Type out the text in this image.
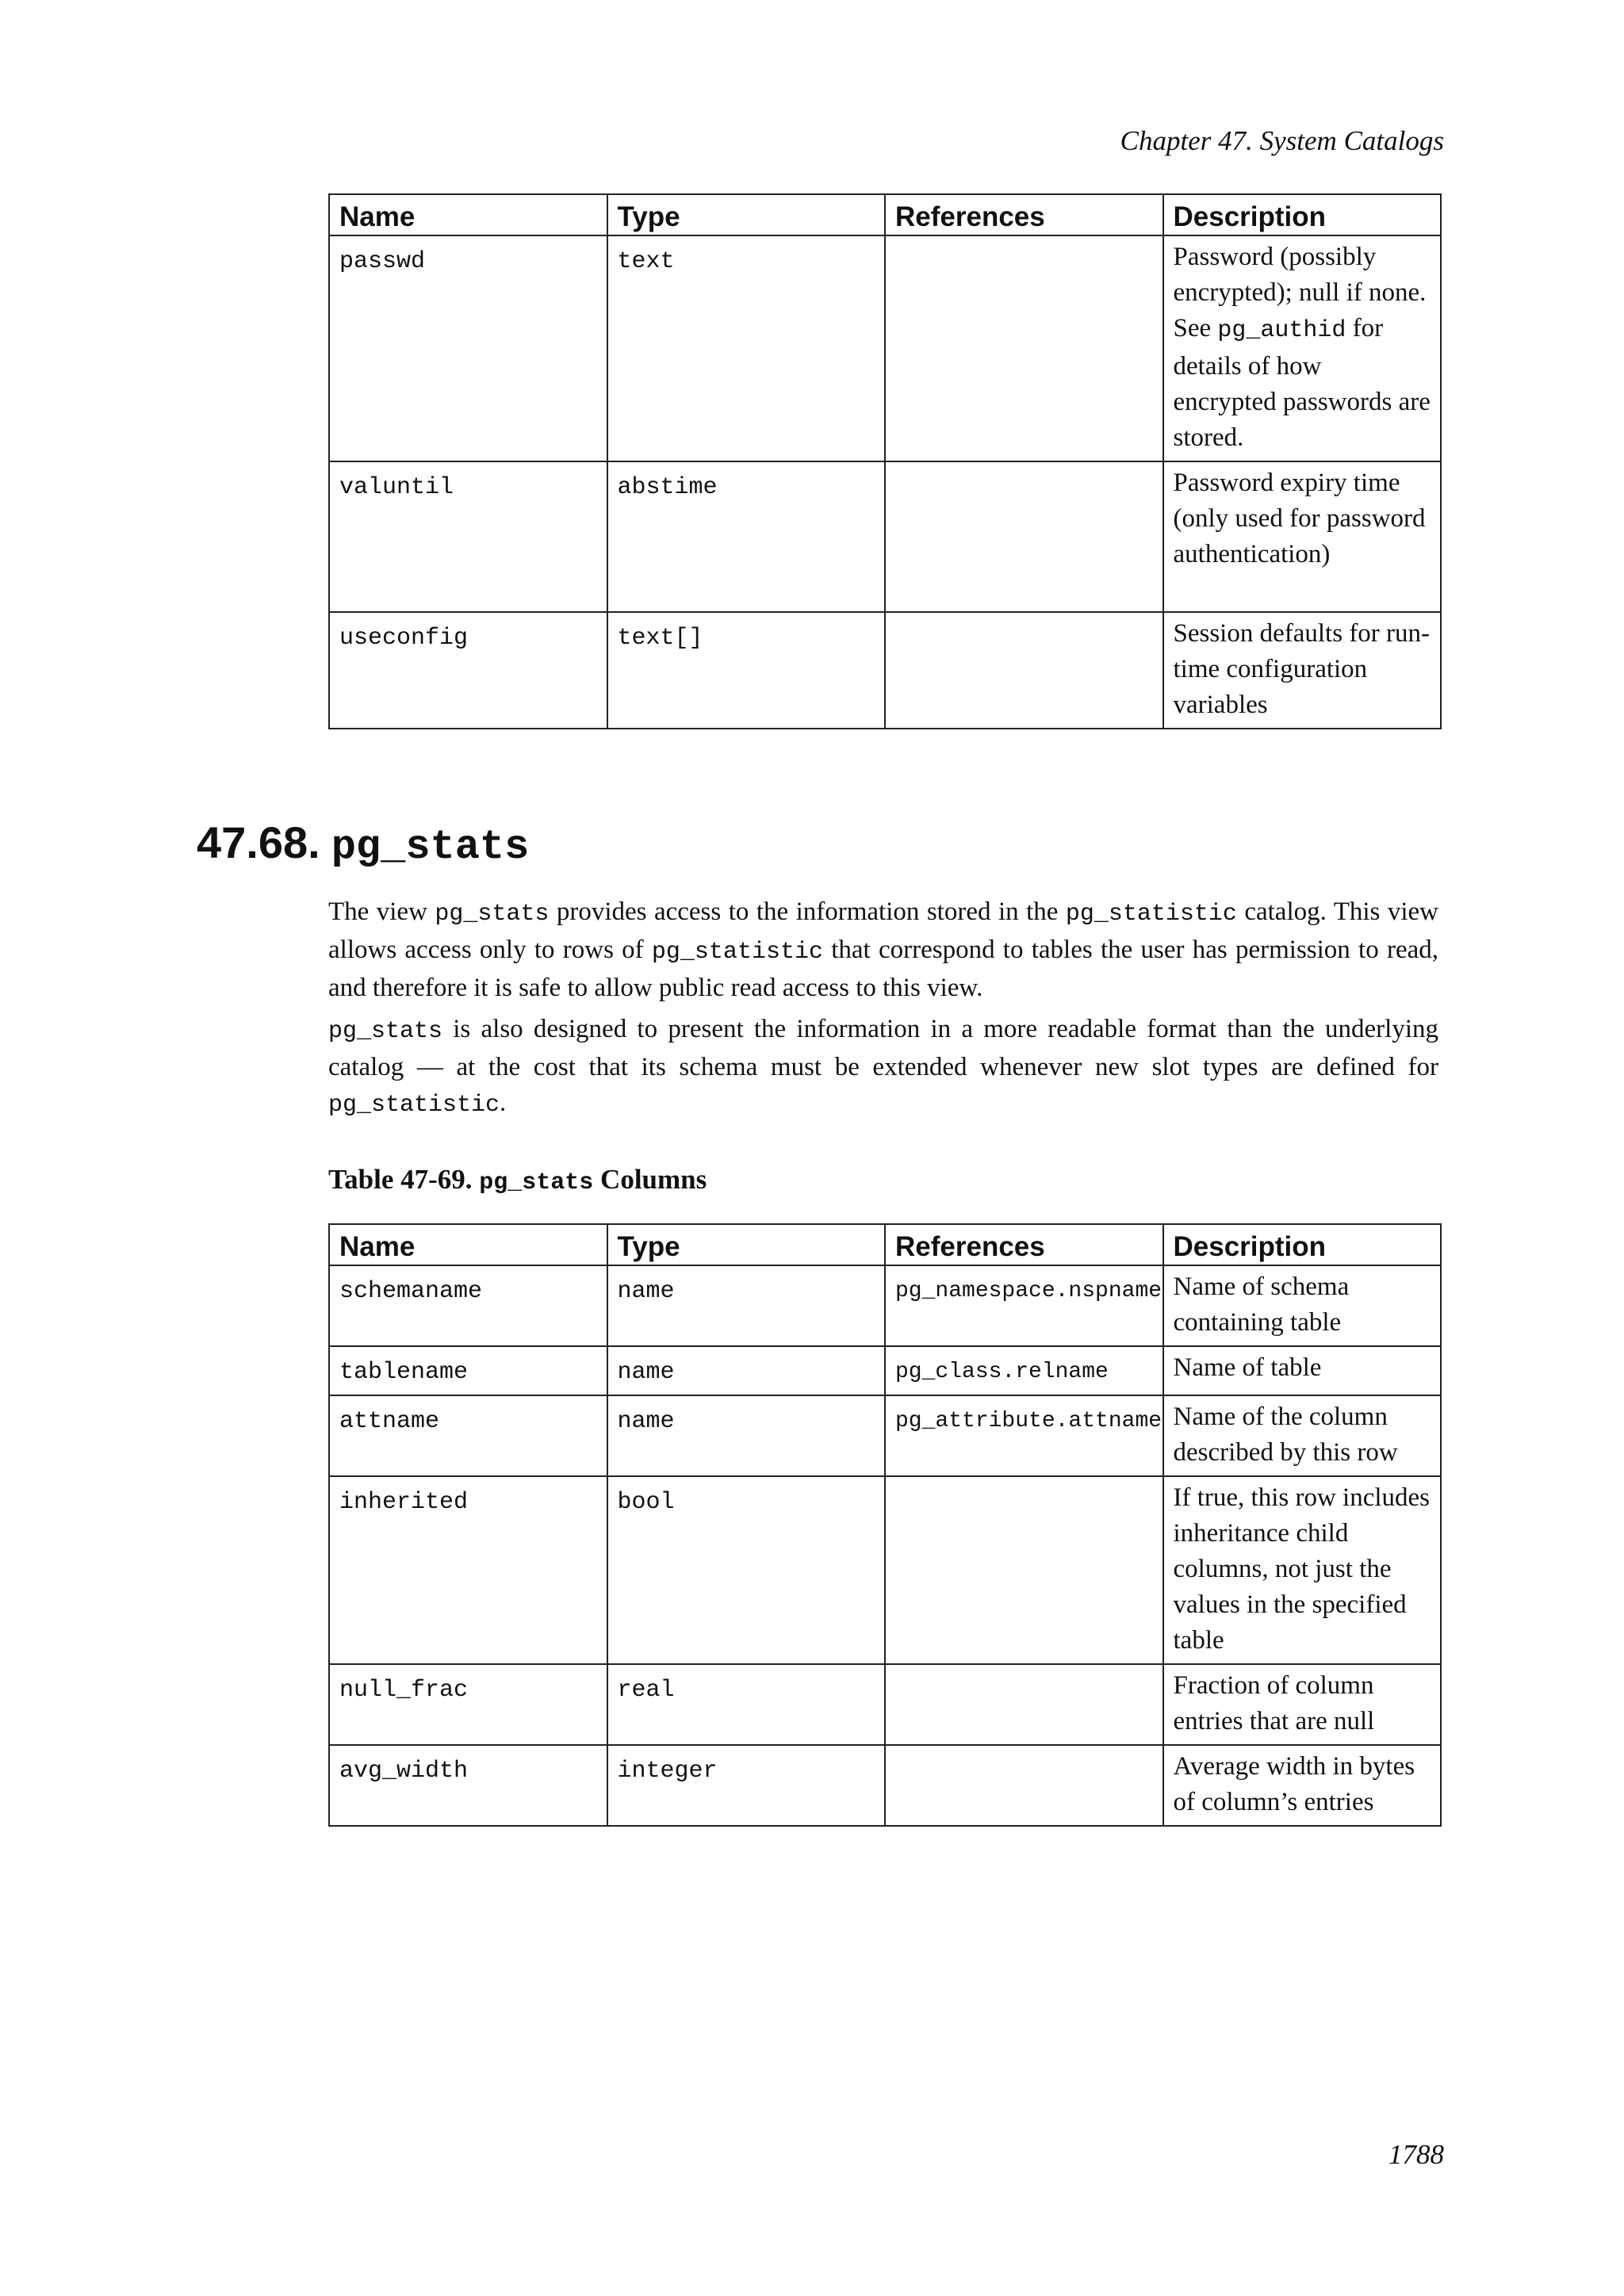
Chapter 47. System Catalogs
Name	Type	References	Description
passwd	text		Password (possibly encrypted); null if none. See pg_authid for details of how encrypted passwords are stored.
valuntil	abstime		Password expiry time (only used for password authentication)
useconfig	text[]		Session defaults for run-time configuration variables
47.68. pg_stats

The view pg_stats provides access to the information stored in the pg_statistic catalog. This view allows access only to rows of pg_statistic that correspond to tables the user has permission to read, and therefore it is safe to allow public read access to this view.

pg_stats is also designed to present the information in a more readable format than the underlying catalog — at the cost that its schema must be extended whenever new slot types are defined for pg_statistic.

Table 47-69. pg_stats Columns

Name	Type	References	Description
schemaname	name	pg_namespace.nspname	Name of schema containing table
tablename	name	pg_class.relname	Name of table
attname	name	pg_attribute.attname	Name of the column described by this row
inherited	bool		If true, this row includes inheritance child columns, not just the values in the specified table
null_frac	real		Fraction of column entries that are null
avg_width	integer		Average width in bytes of column’s entries
1788
